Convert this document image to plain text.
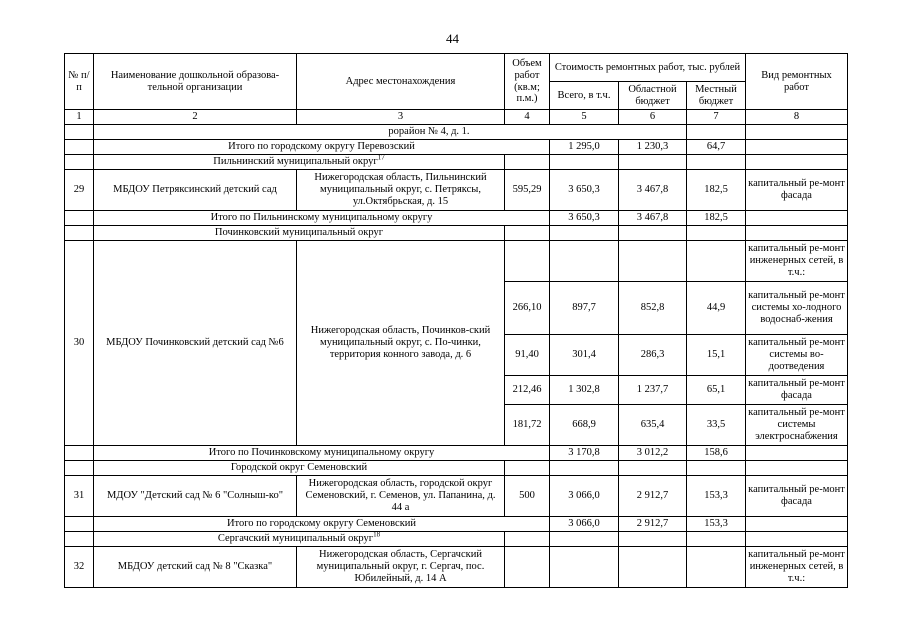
44
№ п/п	Наименование дошкольной образова-тельной организации	Адрес местонахождения	Объем работ (кв.м; п.м.)	Стоимость ремонтных работ, тыс. рублей			Вид ремонтных работ
				Всего, в т.ч.	Областной бюджет	Местный бюджет	
1	2	3	4	5	6	7	8
	рорайон № 4, д. 1.						
	Итого по городскому округу Перевозский			1 295,0	1 230,3	64,7	
	Пильнинский муниципальный округ$^{17}$					
29	МБДОУ Петряксинский детский сад	Нижегородская область, Пильнинский муниципальный округ, с. Петряксы, ул.Октябрьская, д. 15	595,29	3 650,3	3 467,8	182,5	капитальный ре-монт фасада
	Итого по Пильнинскому муниципальному округу			3 650,3	3 467,8	182,5	
	Починковский муниципальный округ						
30	МБДОУ Починковский детский сад №6	Нижегородская область, Починков-ский муниципальный округ, с. По-чинки, территория конного завода, д. 6					капитальный ре-монт инженерных сетей, в т.ч.:
			266,10	897,7	852,8	44,9	капитальный ре-монт системы хо-лодного водоснаб-жения
			91,40	301,4	286,3	15,1	капитальный ре-монт системы во-доотведения
			212,46	1 302,8	1 237,7	65,1	капитальный ре-монт фасада
			181,72	668,9	635,4	33,5	капитальный ре-монт системы электроснабжения
	Итого по Починковскому муниципальному округу			3 170,8	3 012,2	158,6	
	Городской округ Семеновский						
31	МДОУ "Детский сад № 6 "Солныш-ко"	Нижегородская область, городской округ Семеновский, г. Семенов, ул. Папанина, д. 44 а	500	3 066,0	2 912,7	153,3	капитальный ре-монт фасада
	Итого по городскому округу Семеновский			3 066,0	2 912,7	153,3	
	Сергачский муниципальный округ$^{18}$					
32	МБДОУ детский сад № 8 "Сказка"	Нижегородская область, Сергачский муниципальный округ, г. Сергач, пос. Юбилейный, д. 14 А					капитальный ре-монт инженерных сетей, в т.ч.:
